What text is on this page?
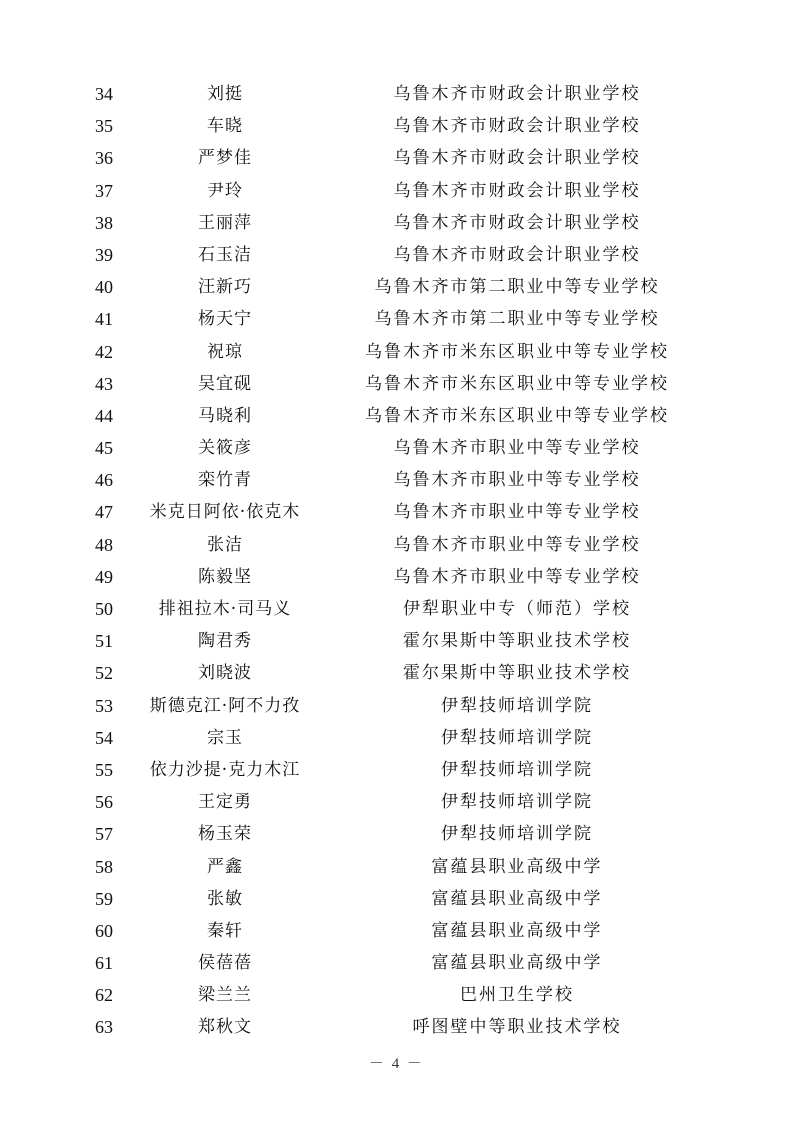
34	刘挺	乌鲁木齐市财政会计职业学校
35	车晓	乌鲁木齐市财政会计职业学校
36	严梦佳	乌鲁木齐市财政会计职业学校
37	尹玲	乌鲁木齐市财政会计职业学校
38	王丽萍	乌鲁木齐市财政会计职业学校
39	石玉洁	乌鲁木齐市财政会计职业学校
40	汪新巧	乌鲁木齐市第二职业中等专业学校
41	杨天宁	乌鲁木齐市第二职业中等专业学校
42	祝琼	乌鲁木齐市米东区职业中等专业学校
43	吴宜砚	乌鲁木齐市米东区职业中等专业学校
44	马晓利	乌鲁木齐市米东区职业中等专业学校
45	关筱彦	乌鲁木齐市职业中等专业学校
46	栾竹青	乌鲁木齐市职业中等专业学校
47	米克日阿依·依克木	乌鲁木齐市职业中等专业学校
48	张洁	乌鲁木齐市职业中等专业学校
49	陈毅坚	乌鲁木齐市职业中等专业学校
50	排祖拉木·司马义	伊犁职业中专（师范）学校
51	陶君秀	霍尔果斯中等职业技术学校
52	刘晓波	霍尔果斯中等职业技术学校
53	斯德克江·阿不力孜	伊犁技师培训学院
54	宗玉	伊犁技师培训学院
55	依力沙提·克力木江	伊犁技师培训学院
56	王定勇	伊犁技师培训学院
57	杨玉荣	伊犁技师培训学院
58	严鑫	富蕴县职业高级中学
59	张敏	富蕴县职业高级中学
60	秦轩	富蕴县职业高级中学
61	侯蓓蓓	富蕴县职业高级中学
62	梁兰兰	巴州卫生学校
63	郑秋文	呼图壁中等职业技术学校
－ 4 －
